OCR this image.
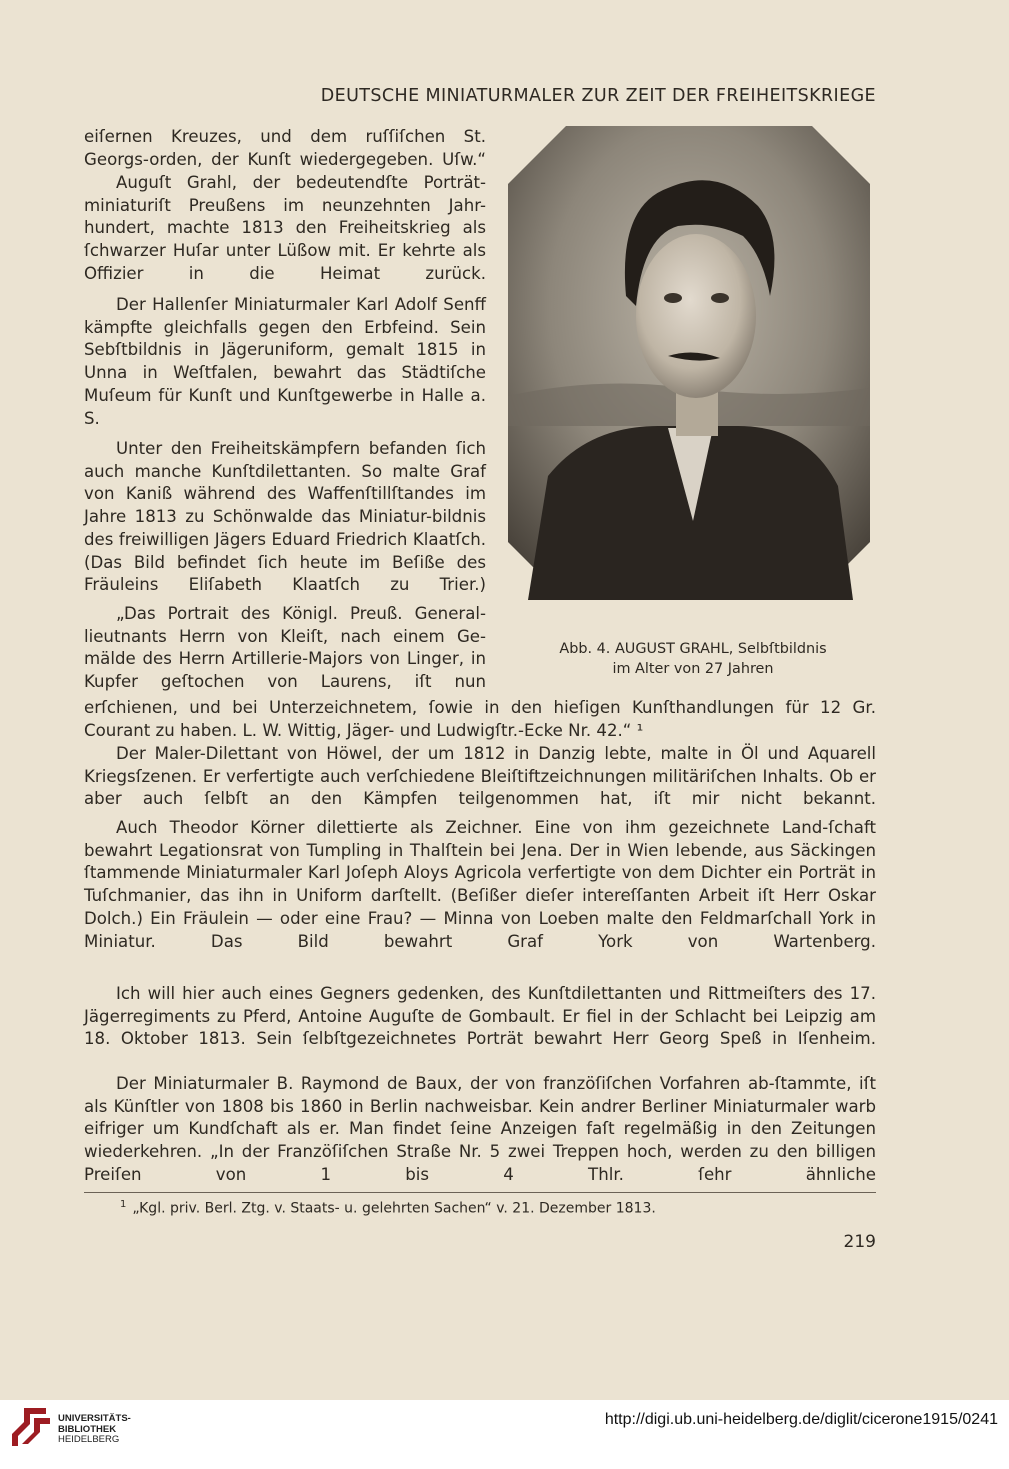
DEUTSCHE MINIATURMALER ZUR ZEIT DER FREIHEITSKRIEGE

eiſernen Kreuzes, und dem ruſſiſchen St. Georgs-orden, der Kunſt wiedergegeben. Uſw.“

Auguſt Grahl, der bedeutendſte Porträt-miniaturiſt Preußens im neunzehnten Jahr-hundert, machte 1813 den Freiheitskrieg als ſchwarzer Huſar unter Lüßow mit. Er kehrte als Offizier in die Heimat zurück.

Der Hallenſer Miniaturmaler Karl Adolf Senff kämpfte gleichfalls gegen den Erbfeind. Sein Sebſtbildnis in Jägeruniform, gemalt 1815 in Unna in Weſtfalen, bewahrt das Städtiſche Muſeum für Kunſt und Kunſtgewerbe in Halle a. S.

Unter den Freiheitskämpfern befanden ſich auch manche Kunſtdilettanten. So malte Graf von Kaniß während des Waffenſtillſtandes im Jahre 1813 zu Schönwalde das Miniatur-bildnis des freiwilligen Jägers Eduard Friedrich Klaatſch. (Das Bild befindet ſich heute im Beſiße des Fräuleins Eliſabeth Klaatſch zu Trier.)

„Das Portrait des Königl. Preuß. General-lieutnants Herrn von Kleiſt, nach einem Ge-mälde des Herrn Artillerie-Majors von Linger, in Kupfer geſtochen von Laurens, iſt nun

erſchienen, und bei Unterzeichnetem, ſowie in den hieſigen Kunſthandlungen für 12 Gr. Courant zu haben. L. W. Wittig, Jäger- und Ludwigſtr.-Ecke Nr. 42.“ ¹

Der Maler-Dilettant von Höwel, der um 1812 in Danzig lebte, malte in Öl und Aquarell Kriegsſzenen. Er verfertigte auch verſchiedene Bleiſtiftzeichnungen militäriſchen Inhalts. Ob er aber auch ſelbſt an den Kämpfen teilgenommen hat, iſt mir nicht bekannt.

Auch Theodor Körner dilettierte als Zeichner. Eine von ihm gezeichnete Land-ſchaft bewahrt Legationsrat von Tumpling in Thalſtein bei Jena. Der in Wien lebende, aus Säckingen ſtammende Miniaturmaler Karl Joſeph Aloys Agricola verfertigte von dem Dichter ein Porträt in Tuſchmanier, das ihn in Uniform darſtellt. (Beſißer dieſer intereſſanten Arbeit iſt Herr Oskar Dolch.) Ein Fräulein — oder eine Frau? — Minna von Loeben malte den Feldmarſchall York in Miniatur. Das Bild bewahrt Graf York von Wartenberg.

Ich will hier auch eines Gegners gedenken, des Kunſtdilettanten und Rittmeiſters des 17. Jägerregiments zu Pferd, Antoine Auguſte de Gombault. Er fiel in der Schlacht bei Leipzig am 18. Oktober 1813. Sein ſelbſtgezeichnetes Porträt bewahrt Herr Georg Speß in Iſenheim.

Der Miniaturmaler B. Raymond de Baux, der von franzöſiſchen Vorfahren ab-ſtammte, iſt als Künſtler von 1808 bis 1860 in Berlin nachweisbar. Kein andrer Berliner Miniaturmaler warb eifriger um Kundſchaft als er. Man findet ſeine Anzeigen faſt regelmäßig in den Zeitungen wiederkehren. „In der Franzöſiſchen Straße Nr. 5 zwei Treppen hoch, werden zu den billigen Preiſen von 1 bis 4 Thlr. ſehr ähnliche

Abb. 4. AUGUST GRAHL, Selbſtbildnis
im Alter von 27 Jahren
$^1$ „Kgl. priv. Berl. Ztg. v. Staats- u. gelehrten Sachen“ v. 21. Dezember 1813.
219
UNIVERSITÄTS-
BIBLIOTHEK
HEIDELBERG
http://digi.ub.uni-heidelberg.de/diglit/cicerone1915/0241
